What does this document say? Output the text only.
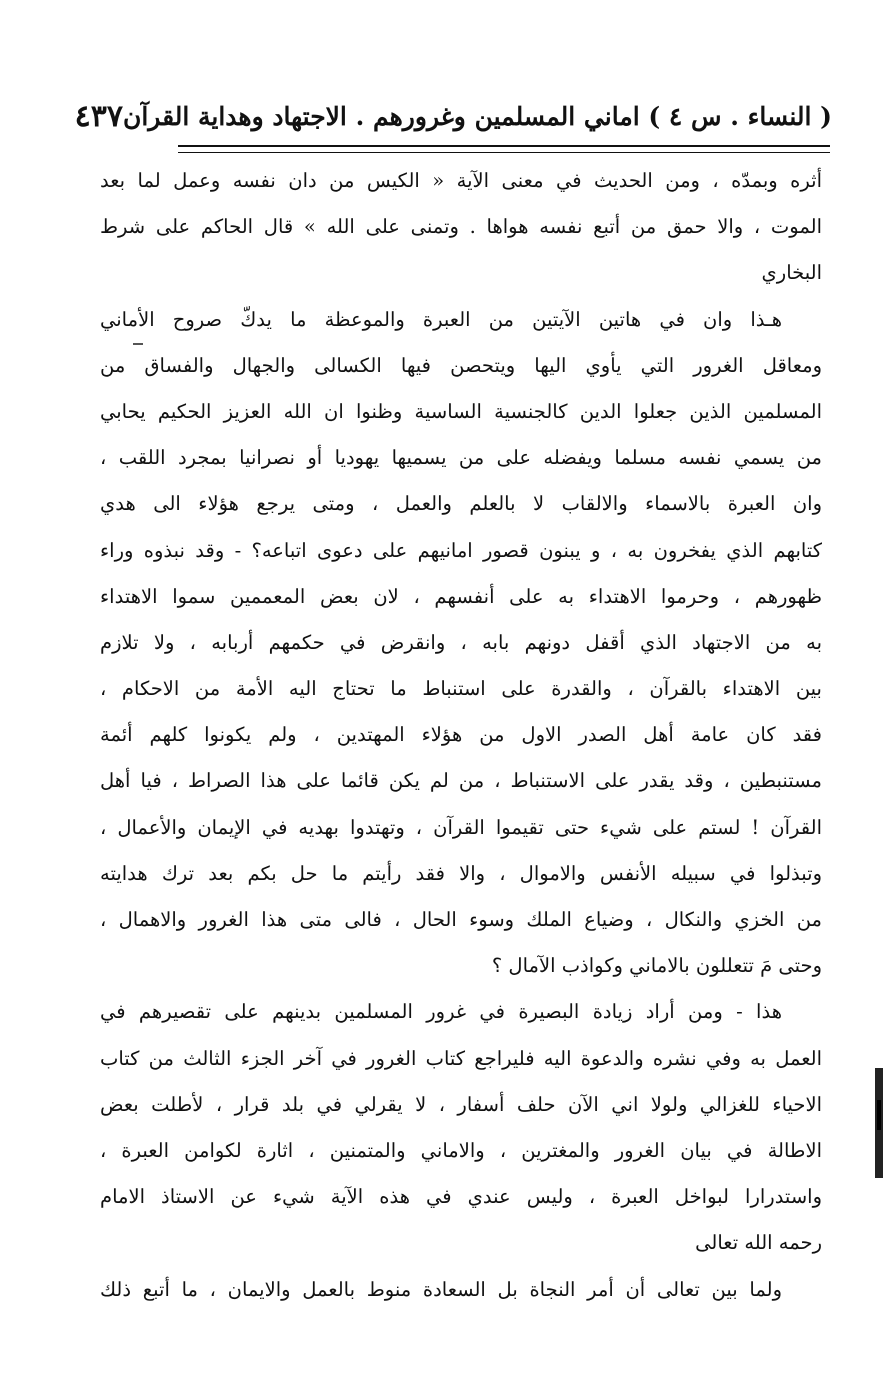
( النساء . س ٤ ) اماني المسلمين وغرورهم . الاجتهاد وهداية القرآن
٤٣٧
أثره وبمدّه ، ومن الحديث في معنى الآية « الكيس من دان نفسه وعمل لما بعد
الموت ، والا حمق من أتبع نفسه هواها . وتمنى على الله » قال الحاكم على شرط
البخاري
هـذا وان في هاتين الآيتين من العبرة والموعظة ما يدكّ صروح الأماني
ومعاقل الغرور التي يأوي اليها ويتحصن فيها الكسالى والجهال والفساق من
المسلمين الذين جعلوا الدين كالجنسية الساسية وظنوا ان الله العزيز الحكيم يحابي
من يسمي نفسه مسلما ويفضله على من يسميها يهوديا أو نصرانيا بمجرد اللقب ،
وان العبرة بالاسماء والالقاب لا بالعلم والعمل ، ومتى يرجع هؤلاء الى هدي
كتابهم الذي يفخرون به ، و يبنون قصور امانيهم على دعوى اتباعه؟ - وقد نبذوه وراء
ظهورهم ، وحرموا الاهتداء به على أنفسهم ، لان بعض المعممين سموا الاهتداء
به من الاجتهاد الذي أقفل دونهم بابه ، وانقرض في حكمهم أربابه ، ولا تلازم
بين الاهتداء بالقرآن ، والقدرة على استنباط ما تحتاج اليه الأمة من الاحكام ،
فقد كان عامة أهل الصدر الاول من هؤلاء المهتدين ، ولم يكونوا كلهم أئمة
مستنبطين ، وقد يقدر على الاستنباط ، من لم يكن قائما على هذا الصراط ، فيا أهل
القرآن ! لستم على شيء حتى تقيموا القرآن ، وتهتدوا بهديه في الإيمان والأعمال ،
وتبذلوا في سبيله الأنفس والاموال ، والا فقد رأيتم ما حل بكم بعد ترك هدايته
من الخزي والنكال ، وضياع الملك وسوء الحال ، فالى متى هذا الغرور والاهمال ،
وحتى مَ تتعللون بالاماني وكواذب الآمال ؟
هذا - ومن أراد زيادة البصيرة في غرور المسلمين بدينهم على تقصيرهم في
العمل به وفي نشره والدعوة اليه فليراجع كتاب الغرور في آخر الجزء الثالث من كتاب
الاحياء للغزالي ولولا اني الآن حلف أسفار ، لا يقرلي في بلد قرار ، لأطلت بعض
الاطالة في بيان الغرور والمغترين ، والاماني والمتمنين ، اثارة لكوامن العبرة ،
واستدرارا لبواخل العبرة ، وليس عندي في هذه الآية شيء عن الاستاذ الامام
رحمه الله تعالى
ولما بين تعالى أن أمر النجاة بل السعادة منوط بالعمل والايمان ، ما أتبع ذلك
